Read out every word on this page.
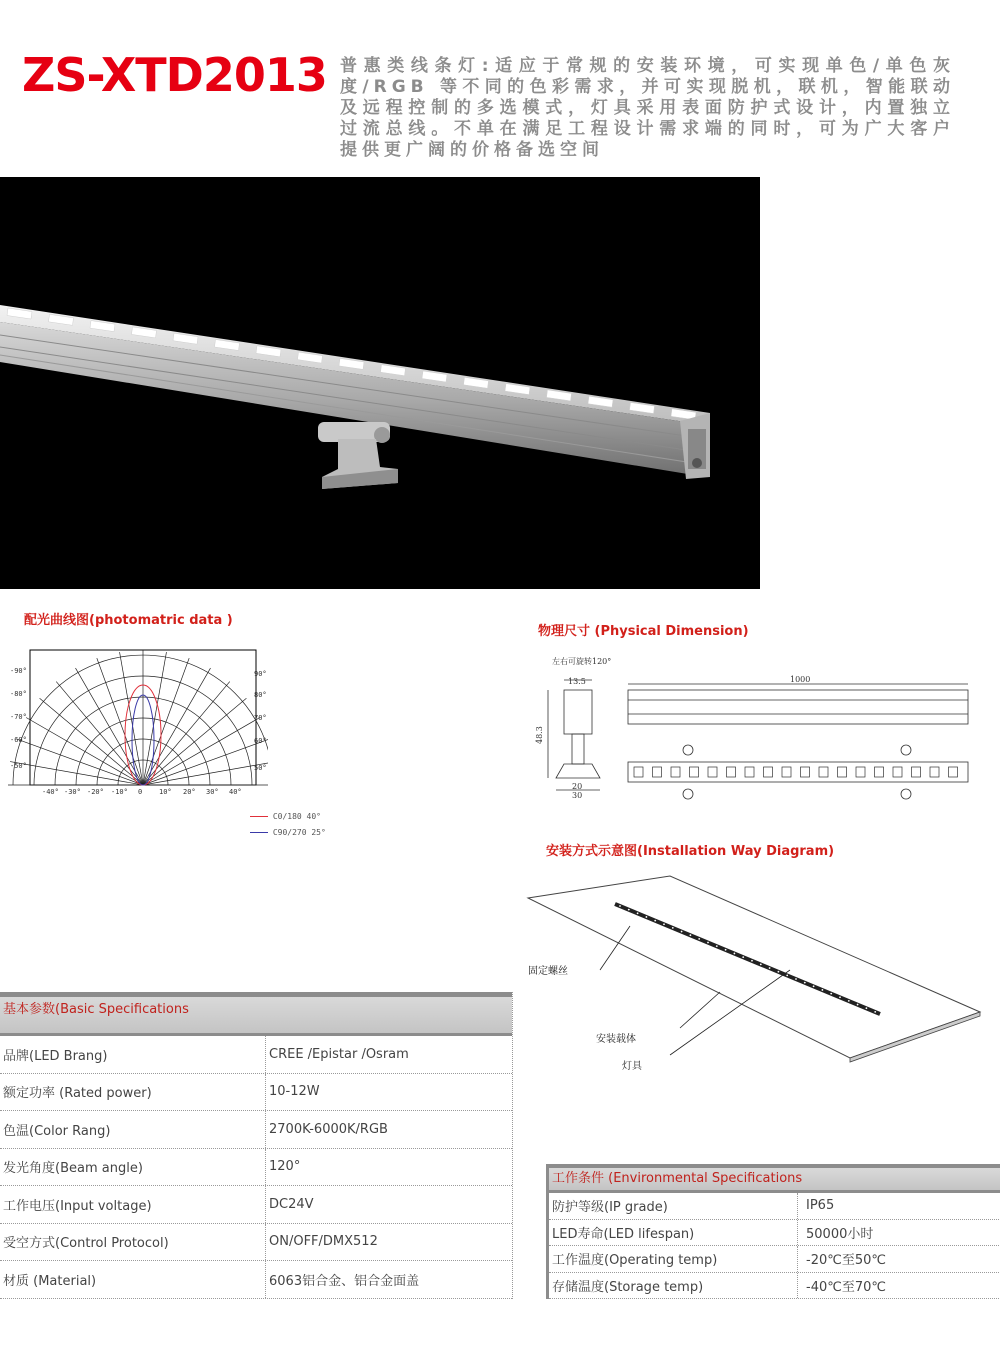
ZS-XTD2013 普惠类线条灯:适应于常规的安装环境，可实现单色/单色灰度/RGB 等不同的色彩需求，并可实现脱机，联机，智能联动及远程控制的多选模式，灯具采用表面防护式设计，内置独立过流总线。不单在满足工程设计需求端的同时，可为广大客户提供更广阔的价格备选空间
配光曲线图(photomatric data )
-90°
-80°
-70°
-60°
-50°
90°
80°
70°
60°
50°
-40° -30° -20° -10° 0 10° 20° 30° 40°
C0/180 40°
C90/270 25°
物理尺寸 (Physical Dimension)
左右可旋转120°
13.5
48.3
20
30
1000
安装方式示意图(Installation Way Diagram)
固定螺丝
安装载体
灯具
基本参数(Basic Specifications
品牌(LED Brang)	CREE /Epistar /Osram
额定功率 (Rated power)	10-12W
色温(Color Rang)	2700K-6000K/RGB
发光角度(Beam angle)	120°
工作电压(Input voltage)	DC24V
受空方式(Control Protocol)	ON/OFF/DMX512
材质 (Material)	6063铝合金、铝合金面盖
工作条件 (Environmental Specifications
防护等级(IP grade)	IP65
LED寿命(LED lifespan)	50000小时
工作温度(Operating temp)	-20℃至50℃
存储温度(Storage temp)	-40℃至70℃
